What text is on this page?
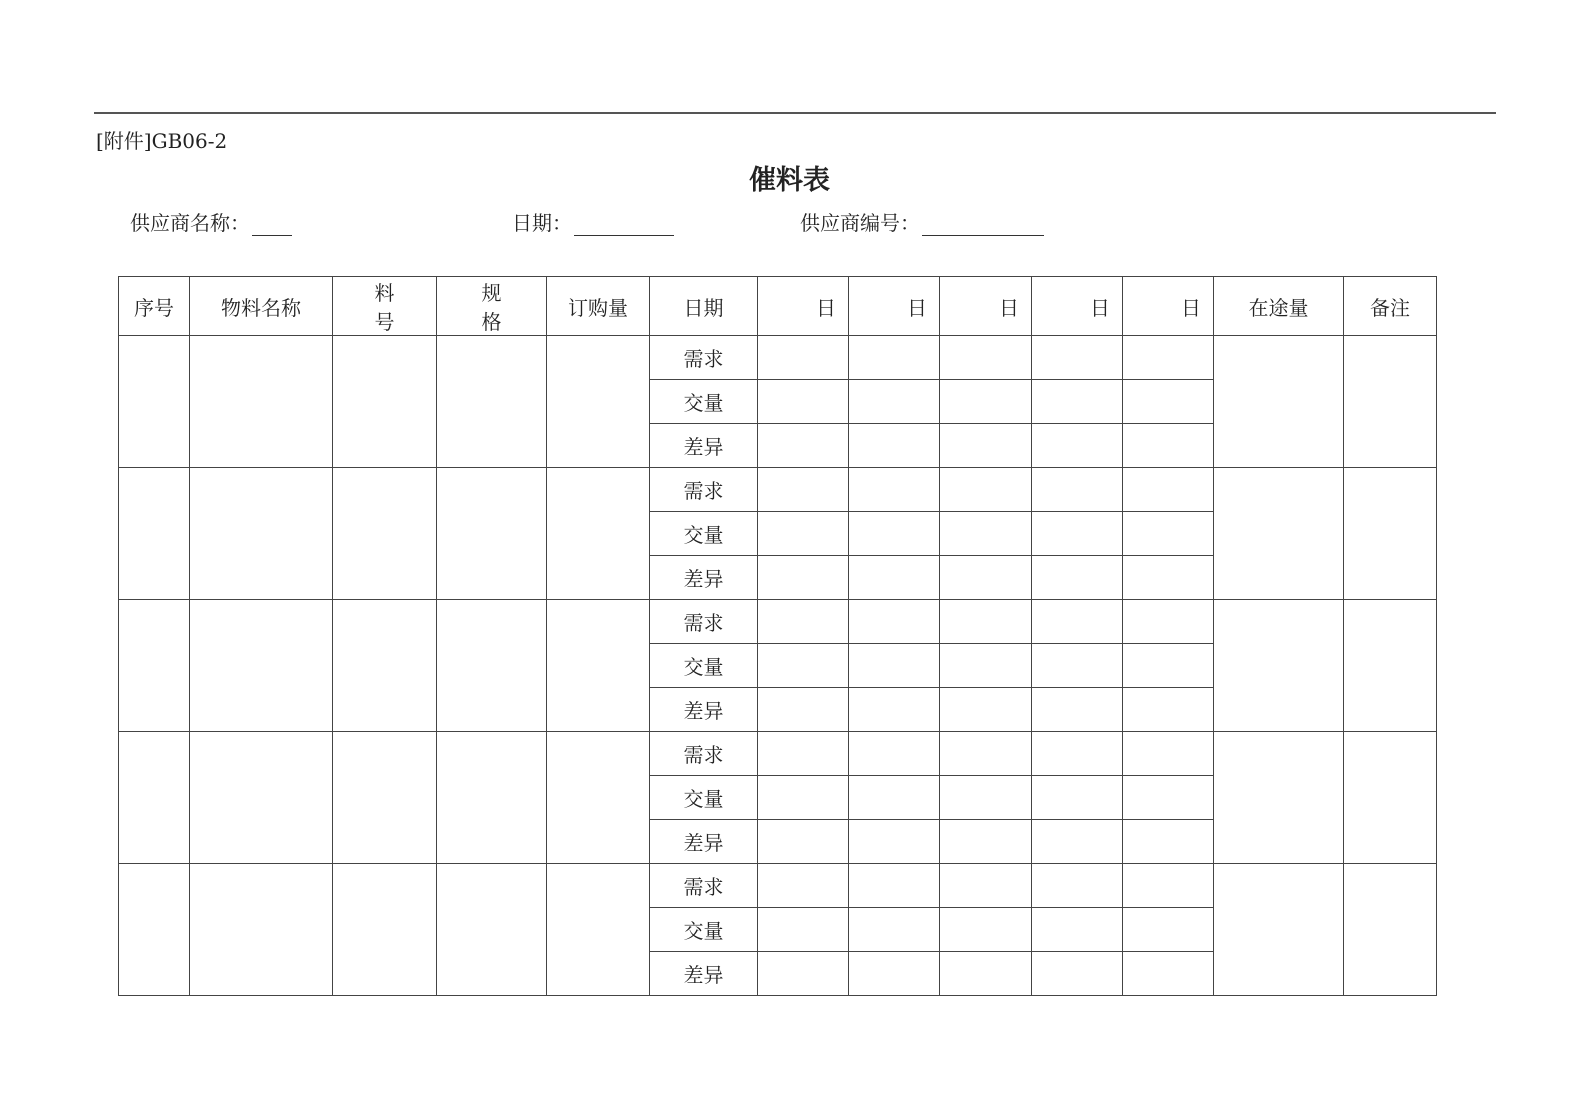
[附件]GB06-2
催料表
供应商名称：	日期：	供应商编号：
序号	物料名称	料 号	规 格	订购量	日期	日	日	日	日	日	在途量	备注
					需求							
					交量							
					差异							
					需求							
					交量							
					差异							
					需求							
					交量							
					差异							
					需求							
					交量							
					差异							
					需求							
					交量							
					差异							
